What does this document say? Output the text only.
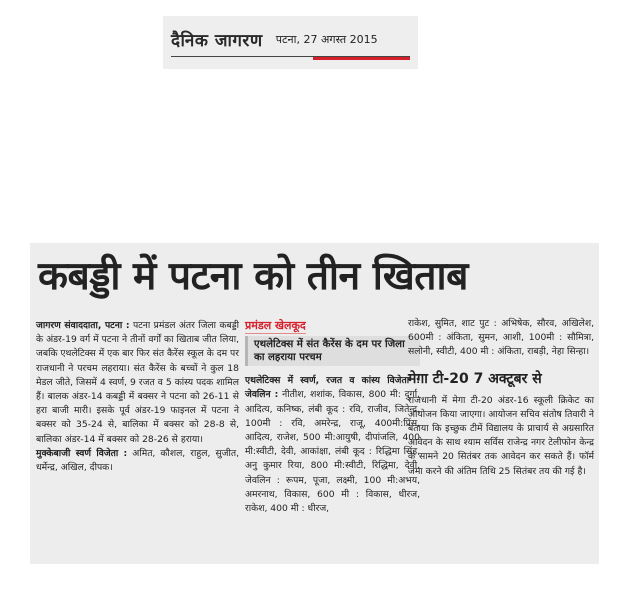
दैनिक जागरण पटना, 27 अगस्त 2015
कबड्डी में पटना को तीन खिताब

जागरण संवाददाता, पटना : पटना प्रमंडल अंतर जिला कबड्डी के अंडर-19 वर्ग में पटना ने तीनों वर्गों का खिताब जीत लिया, जबकि एथलेटिक्स में एक बार फिर संत कैरेंस स्कूल के दम पर राजधानी ने परचम लहराया। संत कैरेंस के बच्चों ने कुल 18 मेडल जीते, जिसमें 4 स्वर्ण, 9 रजत व 5 कांस्य पदक शामिल हैं। बालक अंडर-14 कबड्डी में बक्सर ने पटना को 26-11 से हरा बाजी मारी। इसके पूर्व अंडर-19 फाइनल में पटना ने बक्सर को 35-24 से, बालिका में बक्सर को 28-8 से, बालिका अंडर-14 में बक्सर को 28-26 से हराया।

मुक्केबाजी स्वर्ण विजेता : अमित, कौशल, राहुल, सुजीत, धर्मेन्द्र, अखिल, दीपक।

प्रमंडल खेलकूद
एथलेटिक्स में संत कैरेंस के दम पर जिला का लहराया परचम

एथलेटिक्स में स्वर्ण, रजत व कांस्य विजेता : जेवलिन : नीतीश, शशांक, विकास, 800 मी: दुर्गा, आदित्य, कनिष्क, लंबी कूद : रवि, राजीव, जितेन्द्र, 100मी : रवि, अमरेन्द्र, राजू, 400मी:प्रिंस, आदित्य, राजेश, 500 मी:आयुषी, दीपांजलि, 400 मी:स्वीटी, देवी, आकांक्षा, लंबी कूद : रिद्धिमा सिंह, अनु कुमार रिया, 800 मी:स्वीटी, रिद्धिमा, देवी, जेवलिन : रूपम, पूजा, लक्ष्मी, 100 मी:अभय, अमरनाथ, विकास, 600 मी : विकास, धीरज, राकेश, 400 मी : धीरज,

राकेश, सुमित, शाट पुट : अभिषेक, सौरव, अखिलेश, 600मी : अंकिता, सुमन, आशी, 100मी : सौमित्रा, सलोनी, स्वीटी, 400 मी : अंकिता, राबड़ी, नेहा सिन्हा।

मेगा टी-20 7 अक्टूबर से

राजधानी में मेगा टी-20 अंडर-16 स्कूली क्रिकेट का आयोजन किया जाएगा। आयोजन सचिव संतोष तिवारी ने बताया कि इच्छुक टीमें विद्यालय के प्राचार्य से अग्रसारित आवेदन के साथ श्याम सर्विस राजेन्द्र नगर टेलीफोन केन्द्र के सामने 20 सितंबर तक आवेदन कर सकते हैं। फॉर्म जमा करने की अंतिम तिथि 25 सितंबर तय की गई है।
